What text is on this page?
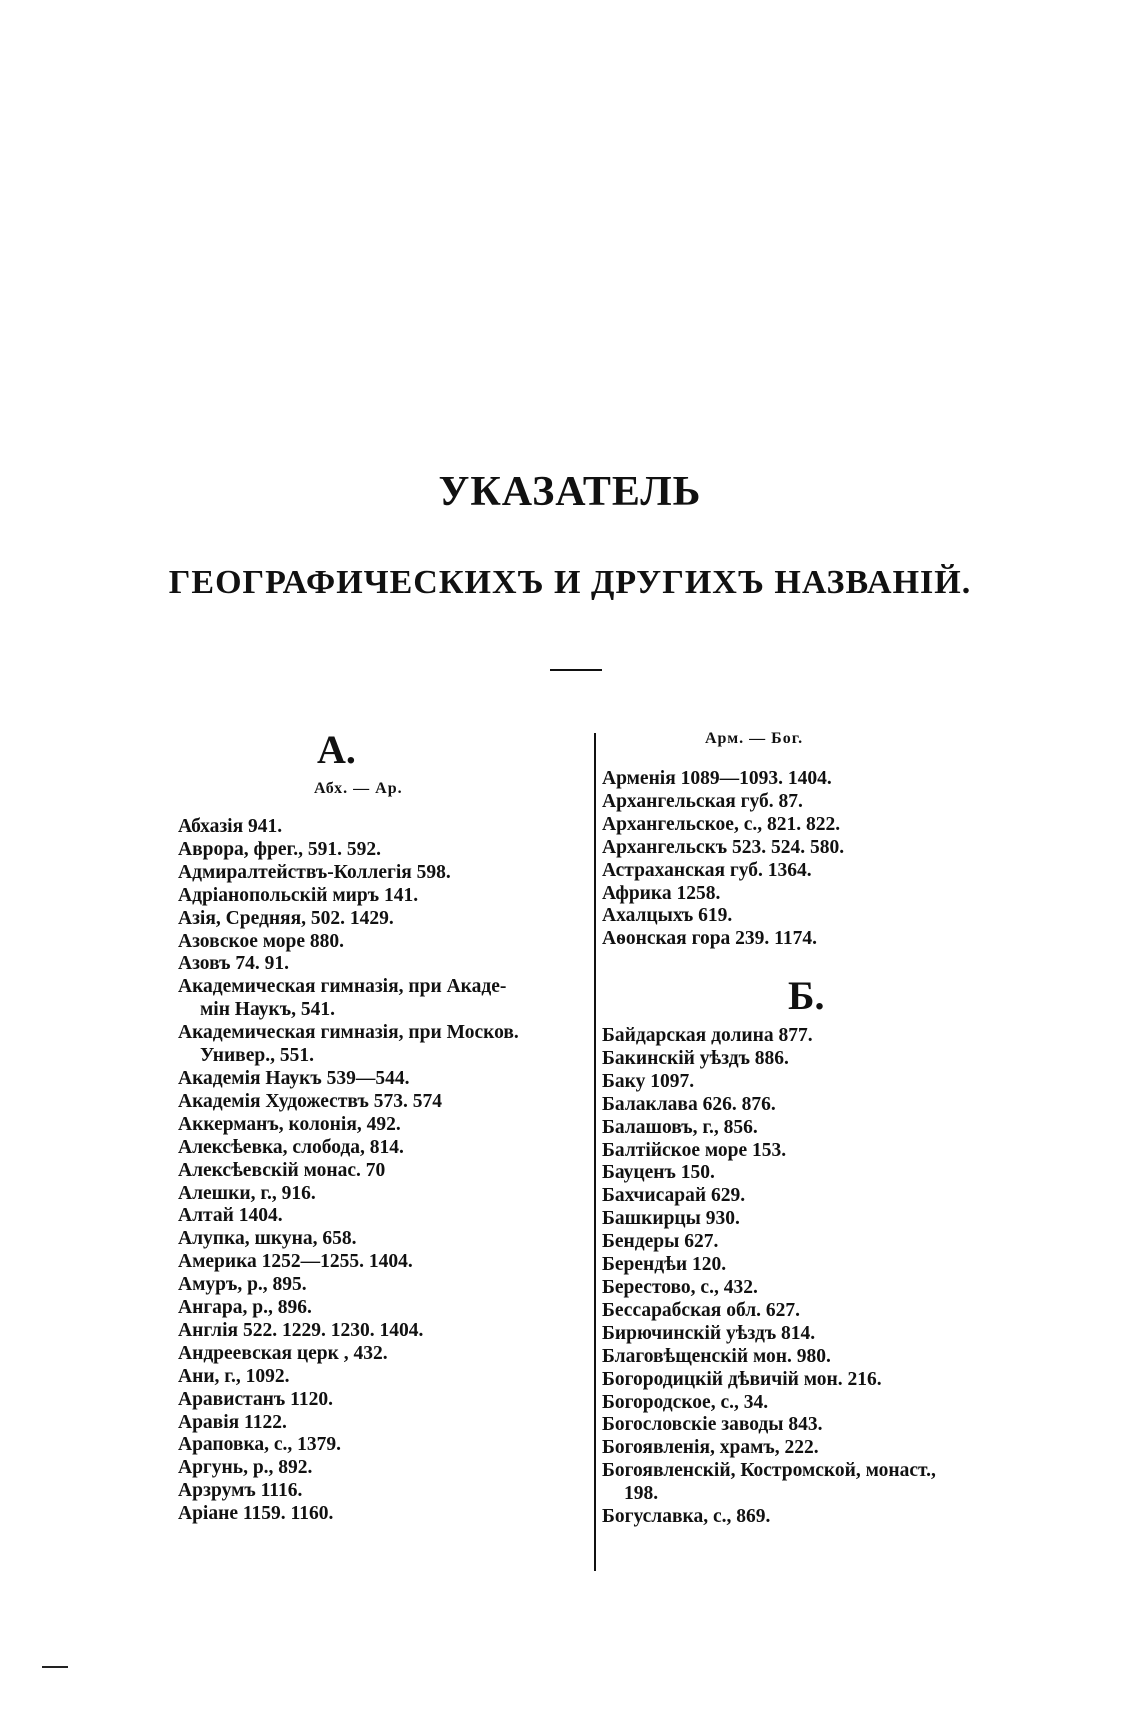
УКАЗАТЕЛЬ
ГЕОГРАФИЧЕСКИХЪ И ДРУГИХЪ НАЗВАНІЙ.
А.
Абх. — Ар.
Абхазія 941.
Аврора, фрег., 591. 592.
Адмиралтействъ-Коллегія 598.
Адріанопольскій миръ 141.
Азія, Средняя, 502. 1429.
Азовское море 880.
Азовъ 74. 91.
Академическая гимназія, при Акаде-
мін Наукъ, 541.
Академическая гимназія, при Москов.
Универ., 551.
Академія Наукъ 539—544.
Академія Художествъ 573. 574
Аккерманъ, колонія, 492.
Алексѣевка, слобода, 814.
Алексѣевскій монас. 70
Алешки, г., 916.
Алтай 1404.
Алупка, шкуна, 658.
Америка 1252—1255. 1404.
Амуръ, р., 895.
Ангара, р., 896.
Англія 522. 1229. 1230. 1404.
Андреевская церк , 432.
Ани, г., 1092.
Аравистанъ 1120.
Аравія 1122.
Араповка, с., 1379.
Аргунь, р., 892.
Арзрумъ 1116.
Аріане 1159. 1160.
Арм. — Бог.
Арменія 1089—1093. 1404.
Архангельская губ. 87.
Архангельское, с., 821. 822.
Архангельскъ 523. 524. 580.
Астраханская губ. 1364.
Африка 1258.
Ахалцыхъ 619.
Аѳонская гора 239. 1174.
Б.
Байдарская долина 877.
Бакинскій уѣздъ 886.
Баку 1097.
Балаклава 626. 876.
Балашовъ, г., 856.
Балтійское море 153.
Бауценъ 150.
Бахчисарай 629.
Башкирцы 930.
Бендеры 627.
Берендѣи 120.
Берестово, с., 432.
Бессарабская обл. 627.
Бирючинскій уѣздъ 814.
Благовѣщенскій мон. 980.
Богородицкій дѣвичій мон. 216.
Богородское, с., 34.
Богословскіе заводы 843.
Богоявленія, храмъ, 222.
Богоявленскій, Костромской, монаст.,
198.
Богуславка, с., 869.
